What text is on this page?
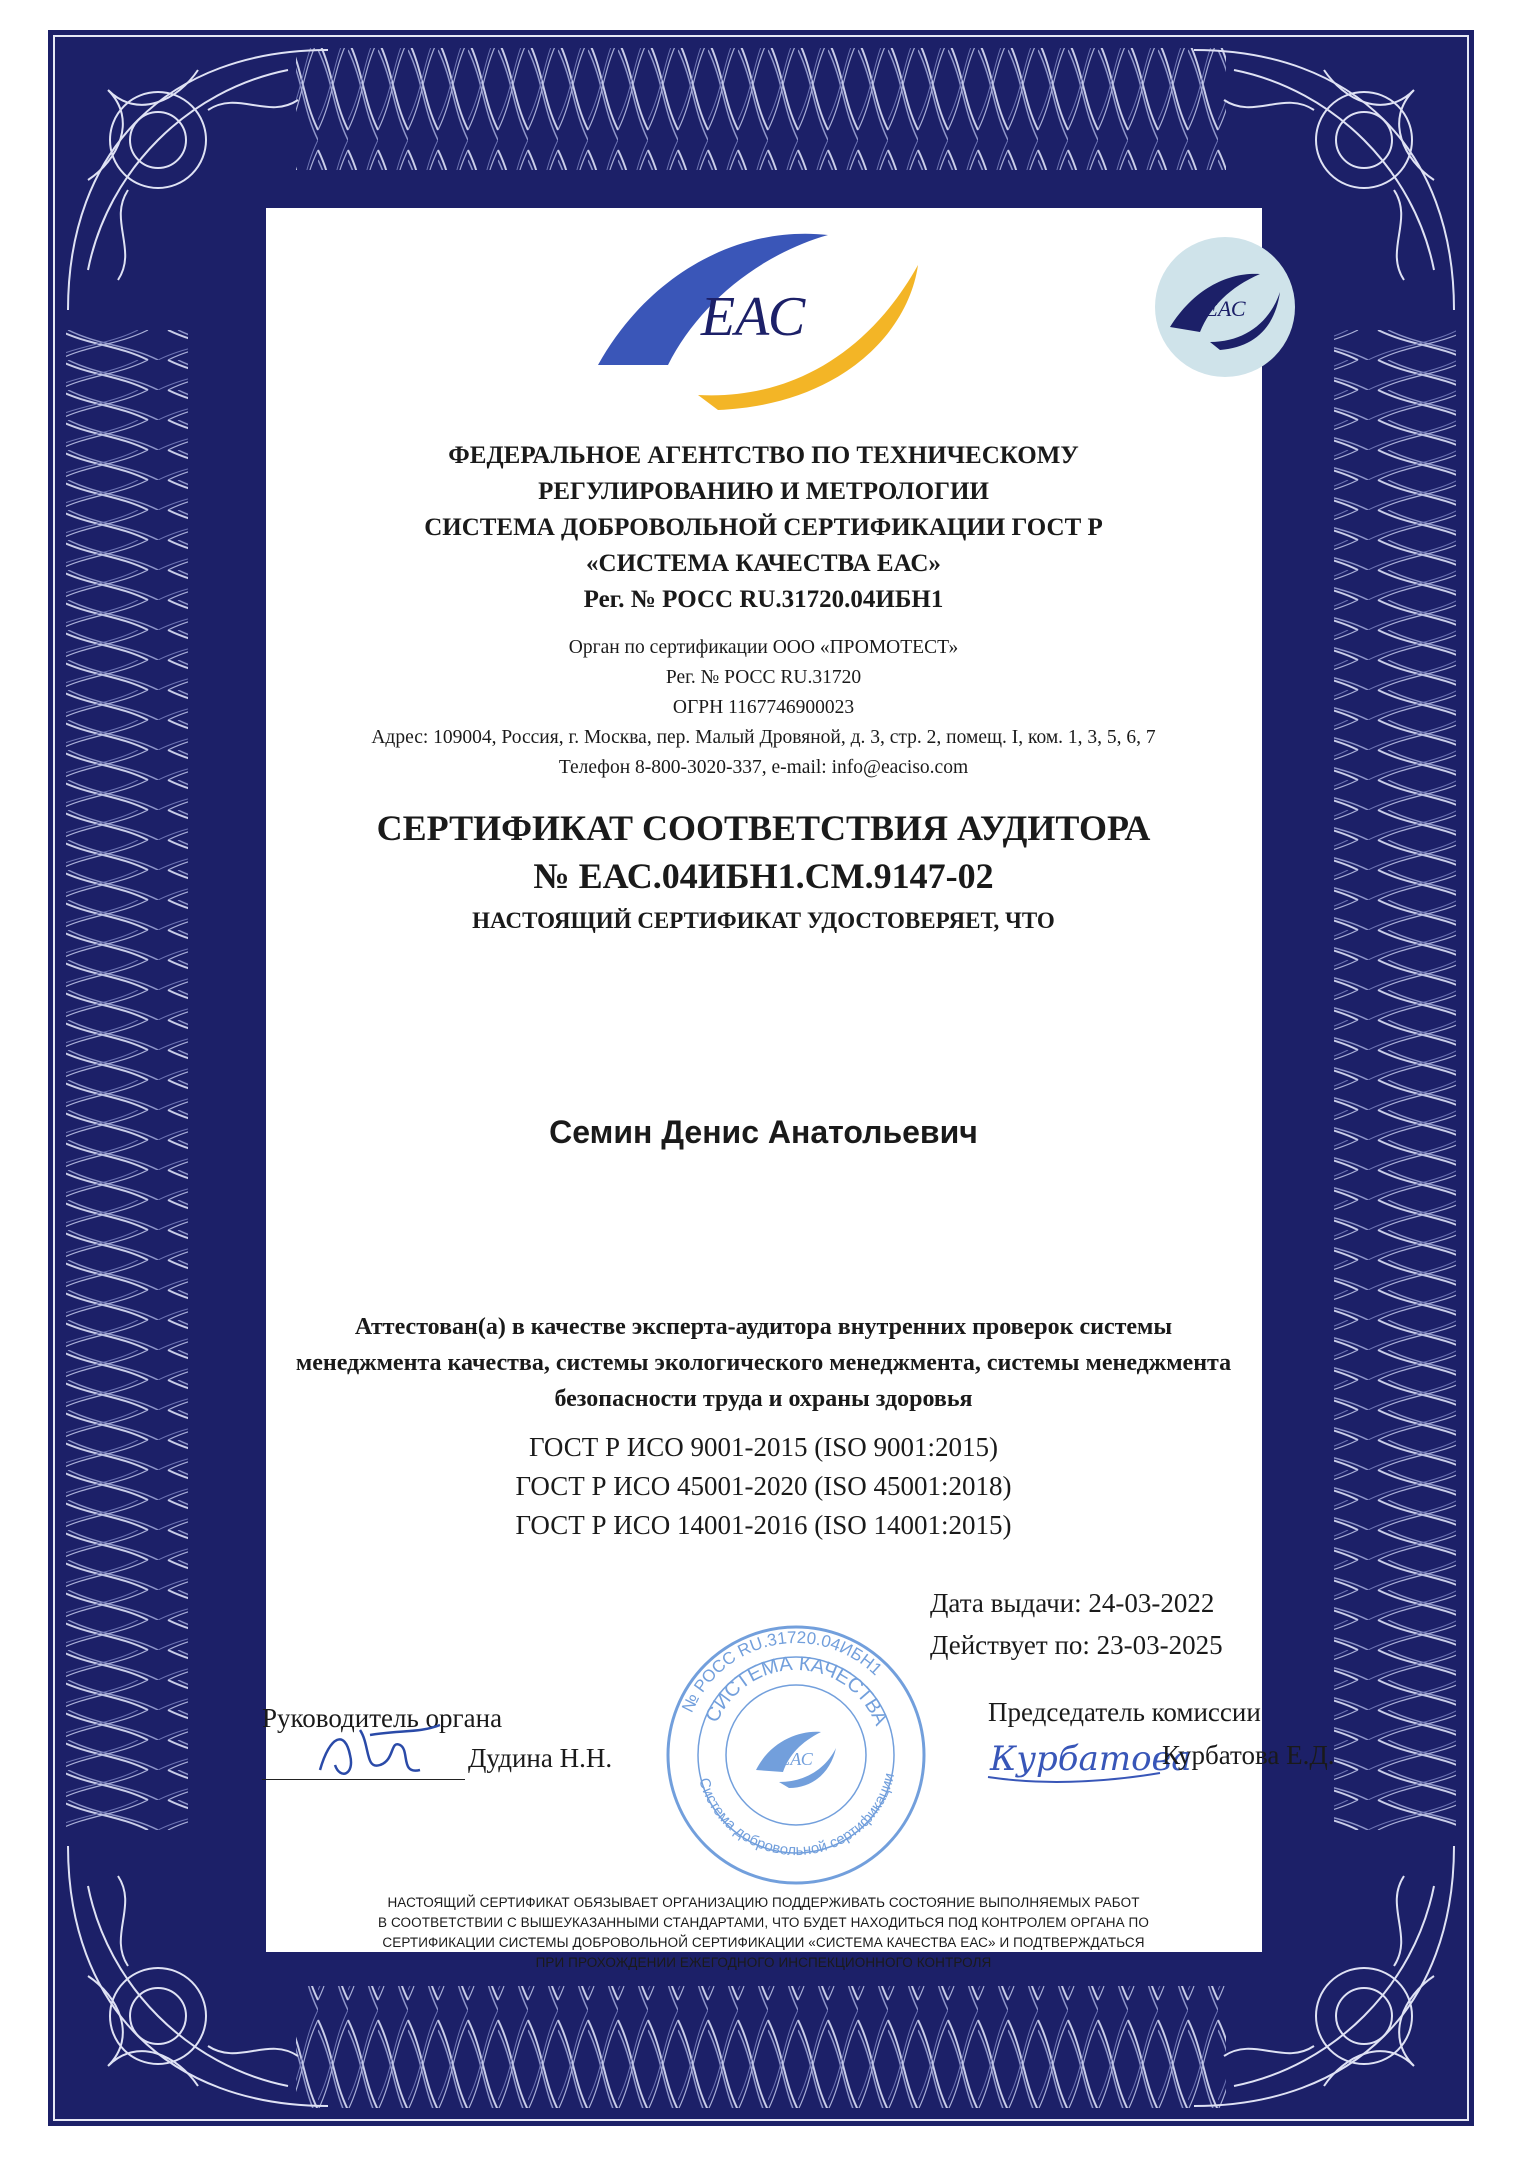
ЕАС	ЕАС
ФЕДЕРАЛЬНОЕ АГЕНТСТВО ПО ТЕХНИЧЕСКОМУ
РЕГУЛИРОВАНИЮ И МЕТРОЛОГИИ
СИСТЕМА ДОБРОВОЛЬНОЙ СЕРТИФИКАЦИИ ГОСТ Р
«СИСТЕМА КАЧЕСТВА ЕАС»
Рег. № РОСС RU.31720.04ИБН1
Орган по сертификации ООО «ПРОМОТЕСТ»
Рег. № РОСС RU.31720
ОГРН 1167746900023
Адрес: 109004, Россия, г. Москва, пер. Малый Дровяной, д. 3, стр. 2, помещ. I, ком. 1, 3, 5, 6, 7
Телефон 8-800-3020-337, e-mail: info@eaciso.com
СЕРТИФИКАТ СООТВЕТСТВИЯ АУДИТОРА
№ ЕАС.04ИБН1.СМ.9147-02
НАСТОЯЩИЙ СЕРТИФИКАТ УДОСТОВЕРЯЕТ, ЧТО
Семин Денис Анатольевич
Аттестован(а) в качестве эксперта-аудитора внутренних проверок системы
менеджмента качества, системы экологического менеджмента, системы менеджмента
безопасности труда и охраны здоровья
ГОСТ Р ИСО 9001-2015 (ISO 9001:2015)
ГОСТ Р ИСО 45001-2020 (ISO 45001:2018)
ГОСТ Р ИСО 14001-2016 (ISO 14001:2015)
Дата выдачи: 24-03-2022
Действует по: 23-03-2025
№ РОСС RU.31720.04ИБН1
СИСТЕМА КАЧЕСТВА
Система добровольной сертификации
ЕАС
Руководитель органа
Дудина Н.Н.
Председатель комиссии
Курбатова
Курбатова Е.Д.
НАСТОЯЩИЙ СЕРТИФИКАТ ОБЯЗЫВАЕТ ОРГАНИЗАЦИЮ ПОДДЕРЖИВАТЬ СОСТОЯНИЕ ВЫПОЛНЯЕМЫХ РАБОТ
В СООТВЕТСТВИИ С ВЫШЕУКАЗАННЫМИ СТАНДАРТАМИ, ЧТО БУДЕТ НАХОДИТЬСЯ ПОД КОНТРОЛЕМ ОРГАНА ПО
СЕРТИФИКАЦИИ СИСТЕМЫ ДОБРОВОЛЬНОЙ СЕРТИФИКАЦИИ «СИСТЕМА КАЧЕСТВА ЕАС» И ПОДТВЕРЖДАТЬСЯ
ПРИ ПРОХОЖДЕНИИ ЕЖЕГОДНОГО ИНСПЕКЦИОННОГО КОНТРОЛЯ
